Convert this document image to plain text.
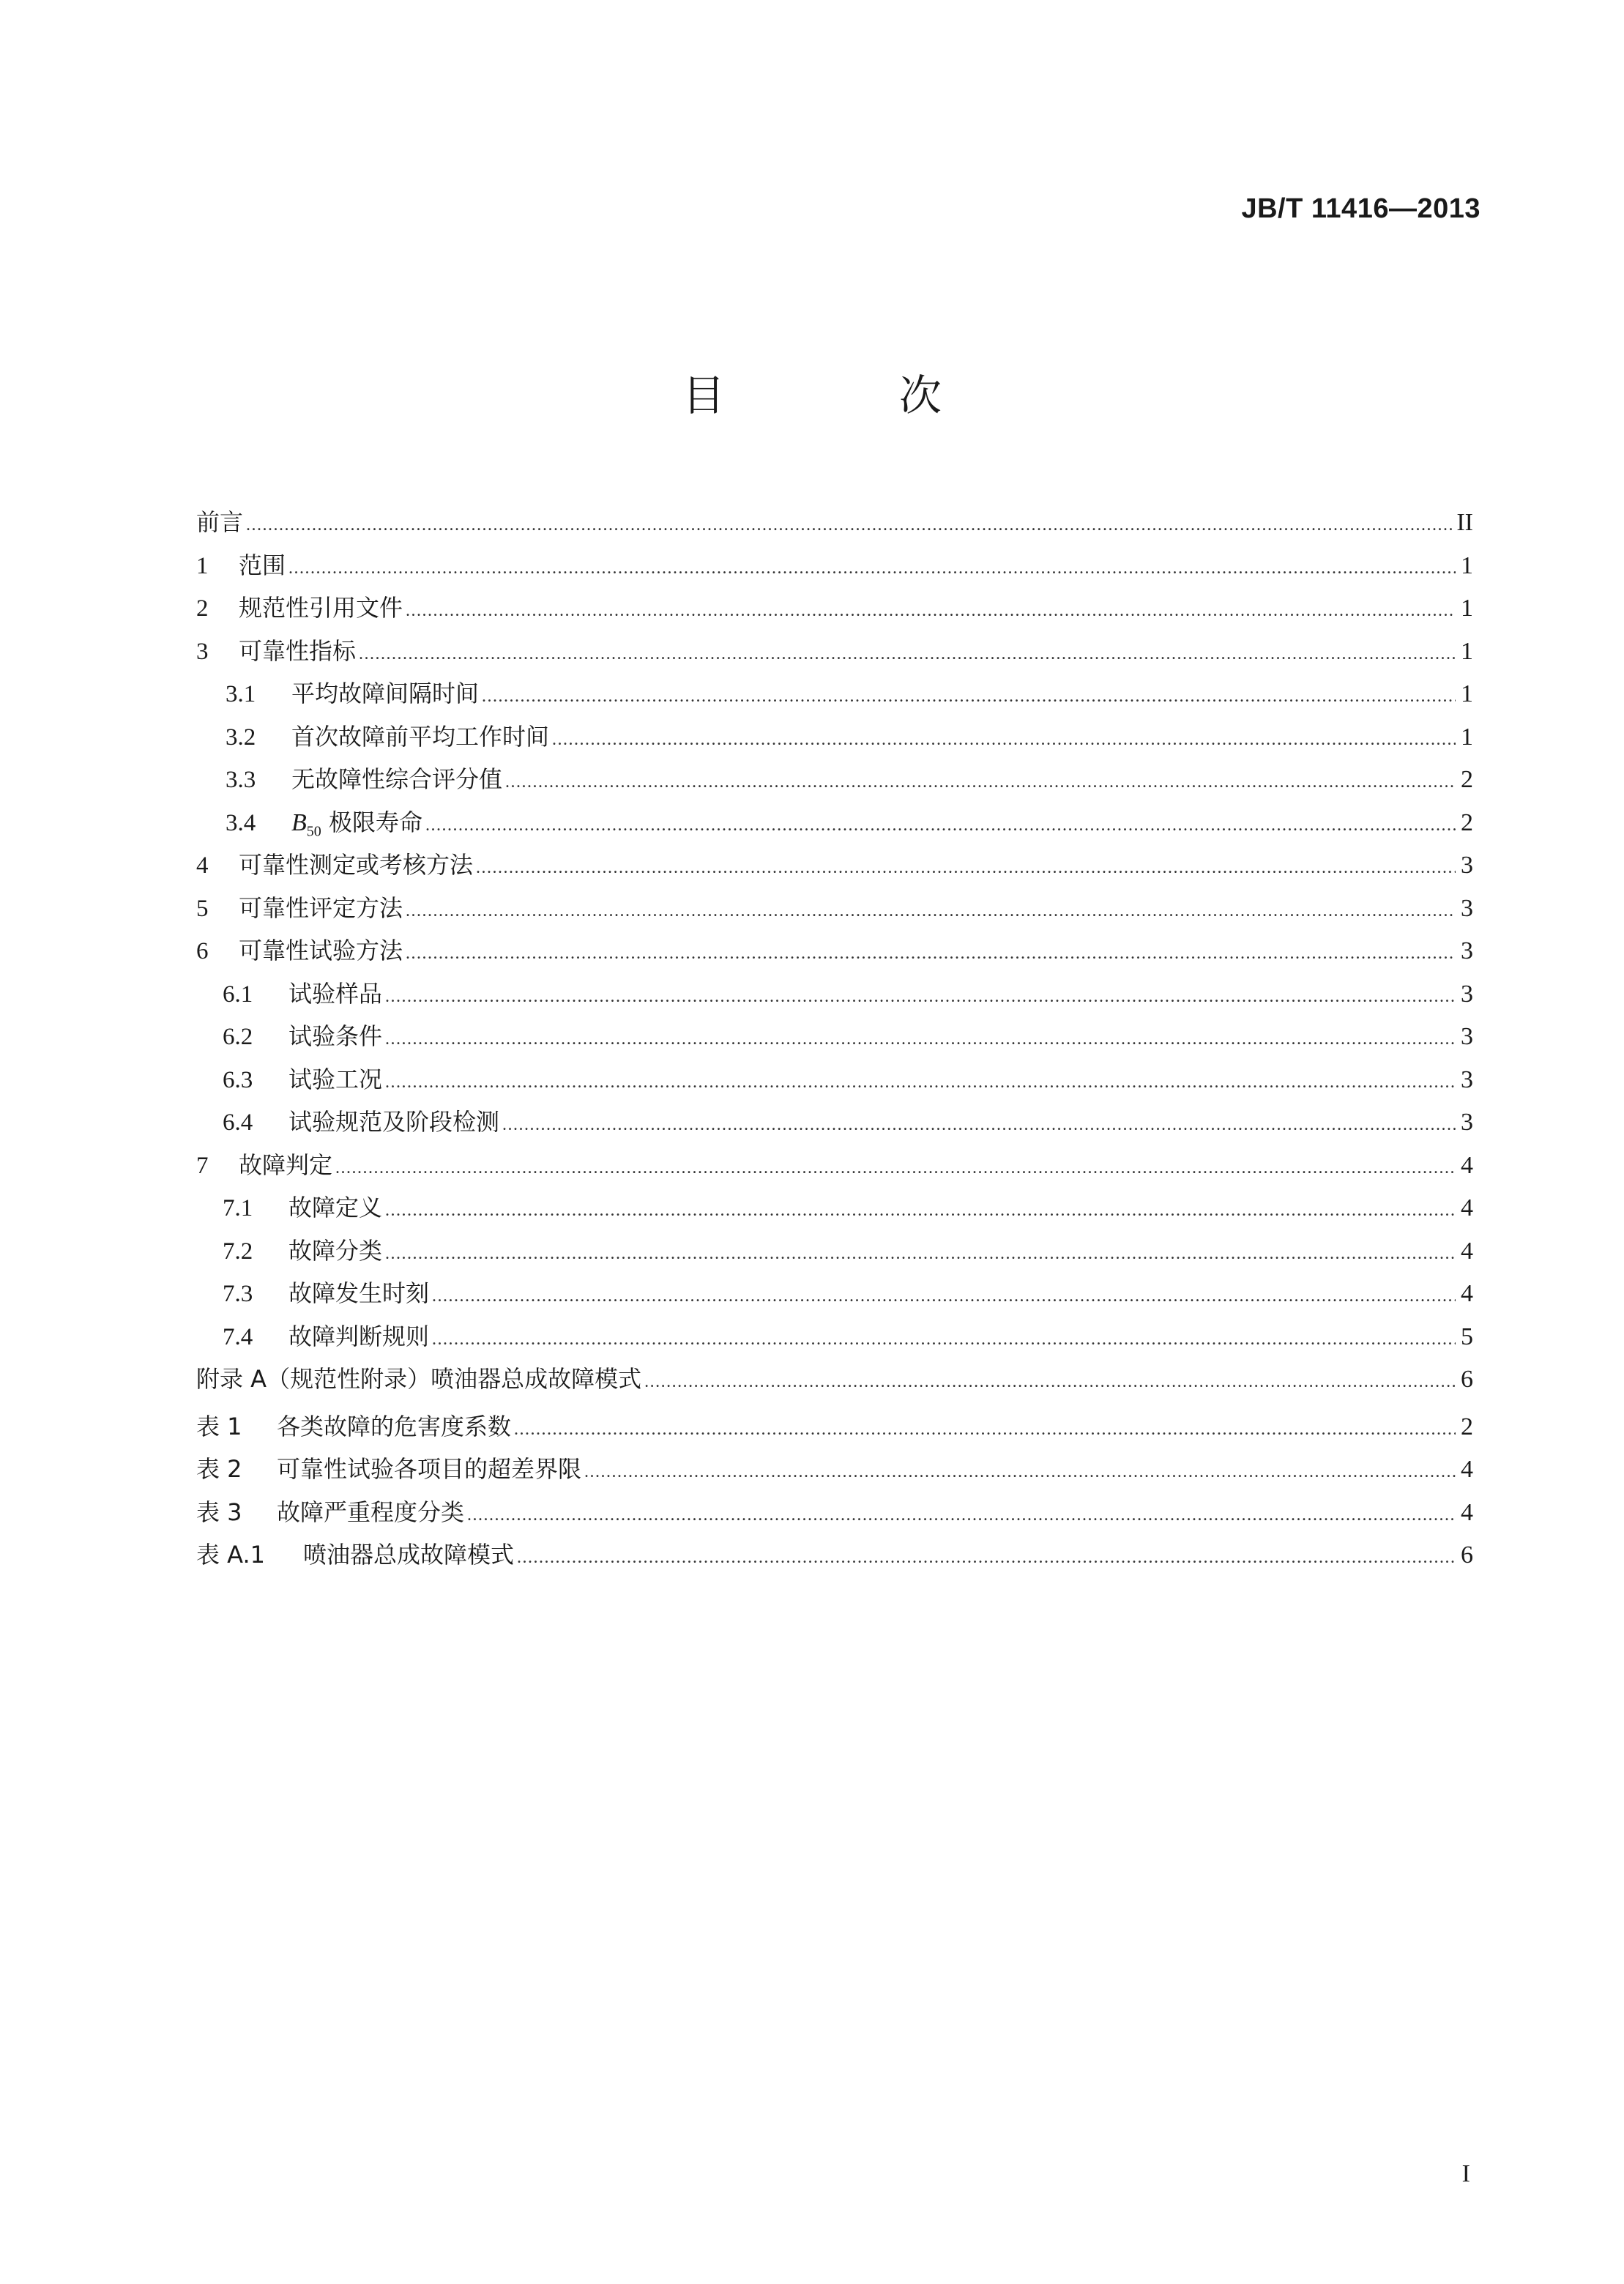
JB/T 11416—2013
目　次
前言 .....	II
1	范围 .....	1
2	规范性引用文件 .....	1
3	可靠性指标 .....	1
3.1	平均故障间隔时间 .....	1
3.2	首次故障前平均工作时间 .....	1
3.3	无故障性综合评分值 .....	2
3.4	$B_{50}$ 极限寿命 .....	2
4	可靠性测定或考核方法 .....	3
5	可靠性评定方法 .....	3
6	可靠性试验方法 .....	3
6.1	试验样品 .....	3
6.2	试验条件 .....	3
6.3	试验工况 .....	3
6.4	试验规范及阶段检测 .....	3
7	故障判定 .....	4
7.1	故障定义 .....	4
7.2	故障分类 .....	4
7.3	故障发生时刻 .....	4
7.4	故障判断规则 .....	5
附录 A（规范性附录）喷油器总成故障模式 .....	6
表 1	各类故障的危害度系数 .....	2
表 2	可靠性试验各项目的超差界限 .....	4
表 3	故障严重程度分类 .....	4
表 A.1	喷油器总成故障模式 .....	6
I
